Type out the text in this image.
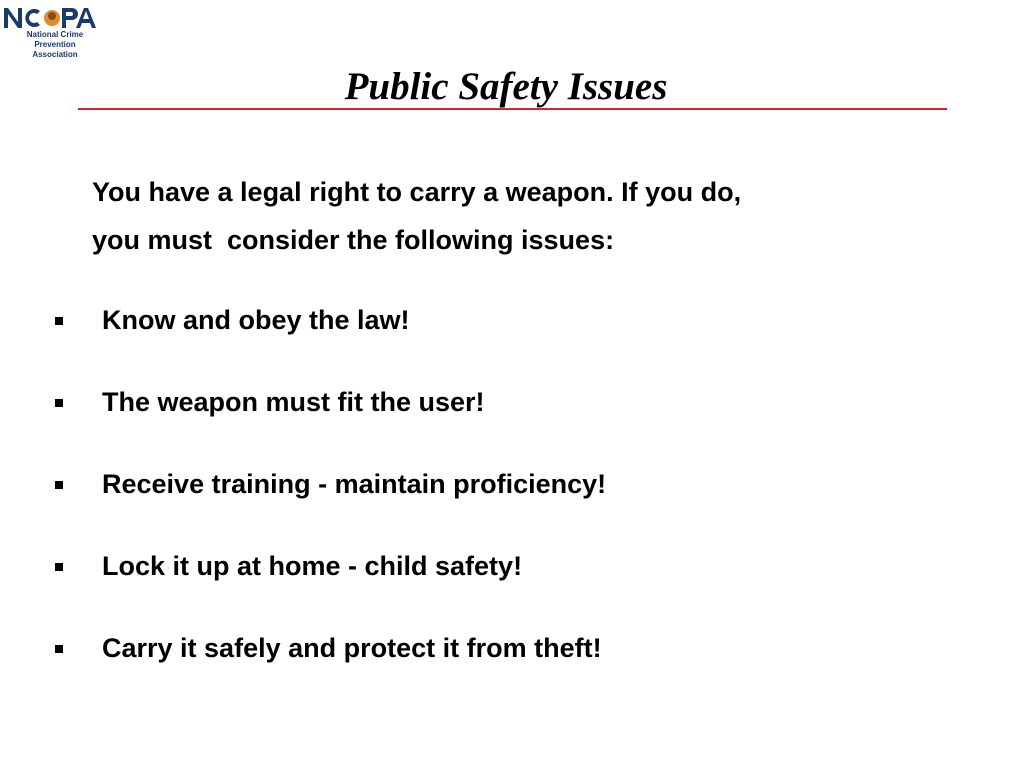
National Crime
Prevention Association
Public Safety Issues

You have a legal right to carry a weapon. If you do,
you must  consider the following issues:

Know and obey the law!
The weapon must fit the user!
Receive training - maintain proficiency!
Lock it up at home - child safety!
Carry it safely and protect it from theft!
